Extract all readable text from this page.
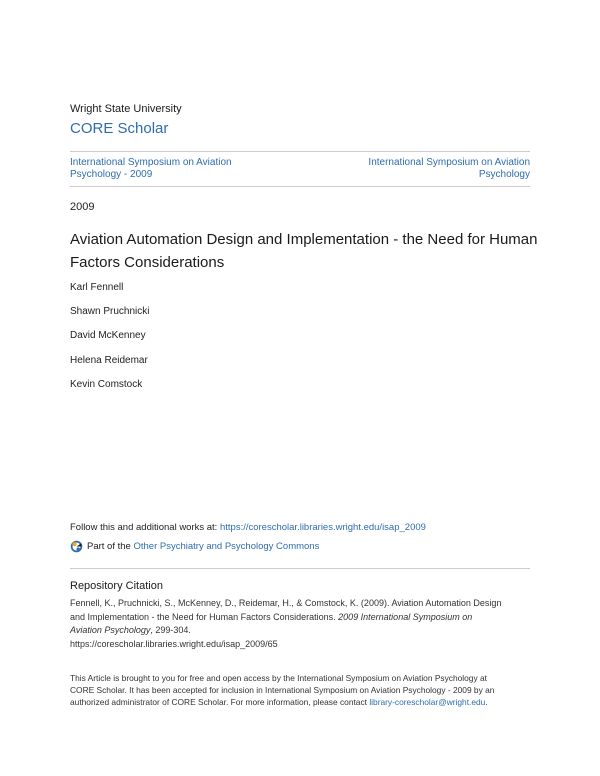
Wright State University
CORE Scholar
International Symposium on Aviation
Psychology - 2009
International Symposium on Aviation
Psychology
2009
Aviation Automation Design and Implementation - the Need for Human Factors Considerations
Karl Fennell
Shawn Pruchnicki
David McKenney
Helena Reidemar
Kevin Comstock
Follow this and additional works at: https://corescholar.libraries.wright.edu/isap_2009
Part of the
Other Psychiatry and Psychology Commons
Repository Citation
Fennell, K., Pruchnicki, S., McKenney, D., Reidemar, H., & Comstock, K. (2009). Aviation Automation Design
and Implementation - the Need for Human Factors Considerations. 2009 International Symposium on
Aviation Psychology, 299-304.
https://corescholar.libraries.wright.edu/isap_2009/65
This Article is brought to you for free and open access by the International Symposium on Aviation Psychology at
CORE Scholar. It has been accepted for inclusion in International Symposium on Aviation Psychology - 2009 by an
authorized administrator of CORE Scholar. For more information, please contact library-corescholar@wright.edu.
